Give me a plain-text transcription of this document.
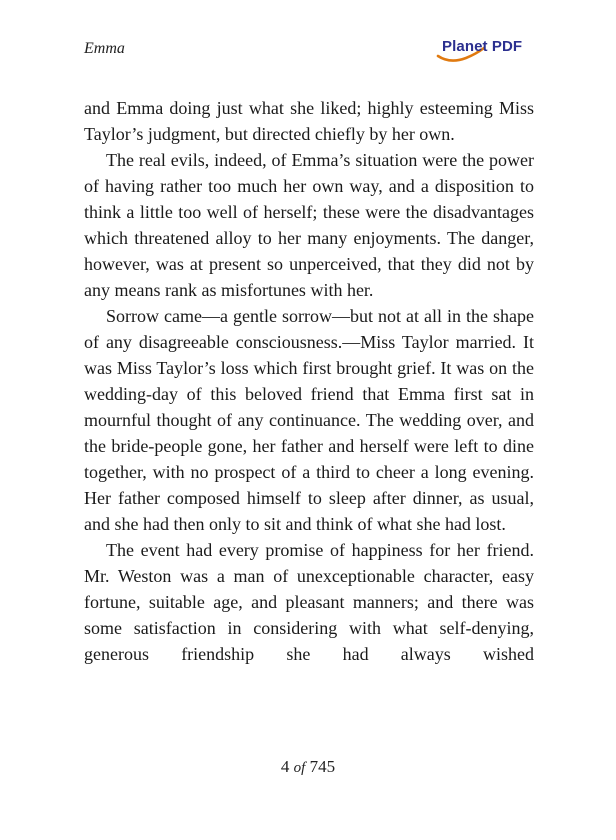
Emma	Planet PDF

and Emma doing just what she liked; highly esteeming Miss Taylor’s judgment, but directed chiefly by her own.

The real evils, indeed, of Emma’s situation were the power of having rather too much her own way, and a disposition to think a little too well of herself; these were the disadvantages which threatened alloy to her many enjoyments. The danger, however, was at present so unperceived, that they did not by any means rank as misfortunes with her.

Sorrow came—a gentle sorrow—but not at all in the shape of any disagreeable consciousness.—Miss Taylor married. It was Miss Taylor’s loss which first brought grief. It was on the wedding-day of this beloved friend that Emma first sat in mournful thought of any continuance. The wedding over, and the bride-people gone, her father and herself were left to dine together, with no prospect of a third to cheer a long evening. Her father composed himself to sleep after dinner, as usual, and she had then only to sit and think of what she had lost.

The event had every promise of happiness for her friend. Mr. Weston was a man of unexceptionable character, easy fortune, suitable age, and pleasant manners; and there was some satisfaction in considering with what self-denying, generous friendship she had always wished

4 of 745
